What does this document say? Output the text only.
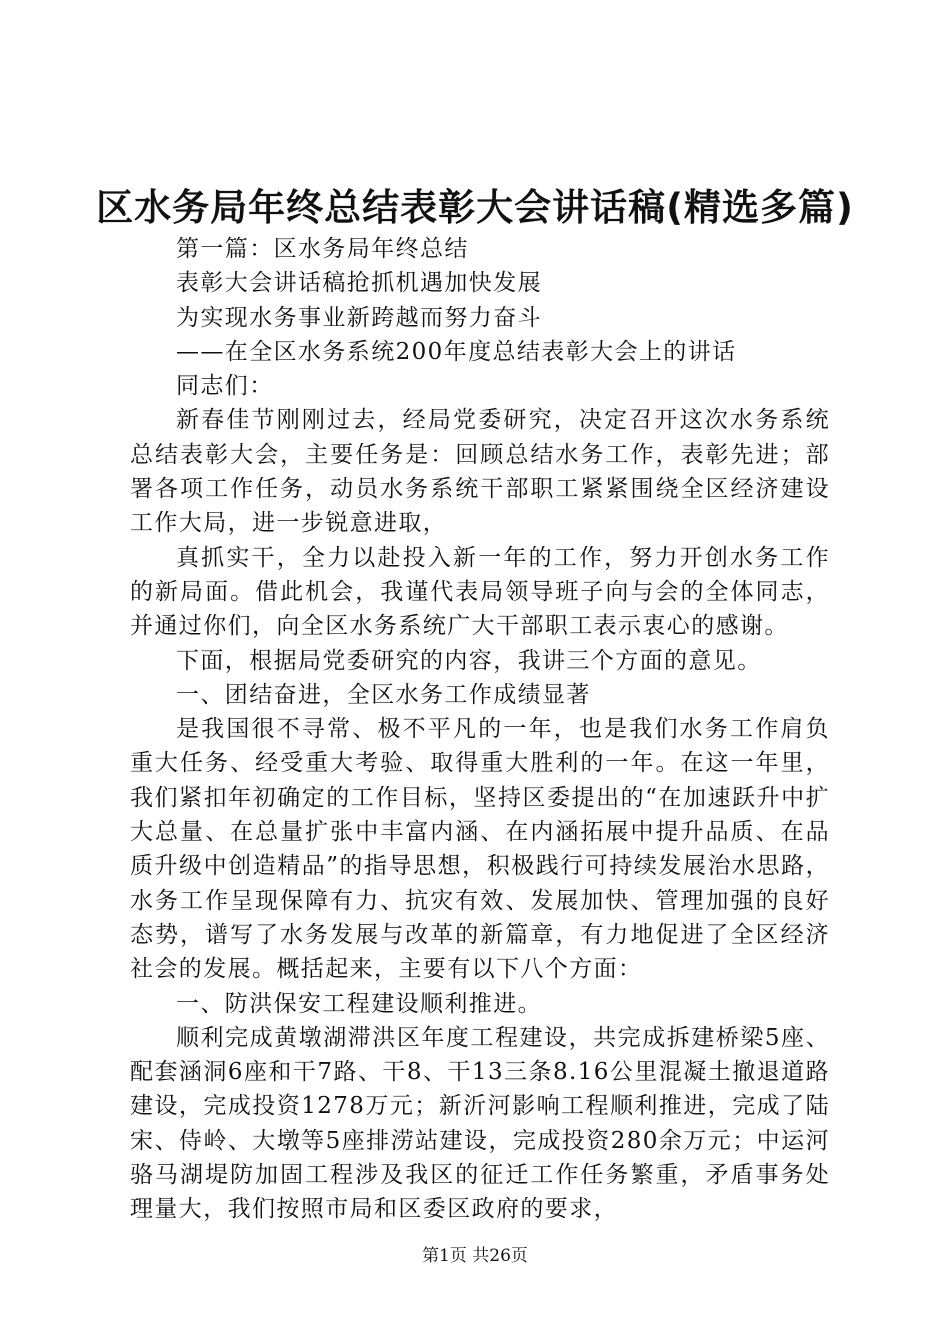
区水务局年终总结表彰大会讲话稿(精选多篇)

第一篇：区水务局年终总结

表彰大会讲话稿抢抓机遇加快发展

为实现水务事业新跨越而努力奋斗

——在全区水务系统200年度总结表彰大会上的讲话

同志们：

新春佳节刚刚过去，经局党委研究，决定召开这次水务系统总结表彰大会，主要任务是：回顾总结水务工作，表彰先进；部署各项工作任务，动员水务系统干部职工紧紧围绕全区经济建设工作大局，进一步锐意进取，

真抓实干，全力以赴投入新一年的工作，努力开创水务工作的新局面。借此机会，我谨代表局领导班子向与会的全体同志，并通过你们，向全区水务系统广大干部职工表示衷心的感谢。

下面，根据局党委研究的内容，我讲三个方面的意见。

一、团结奋进，全区水务工作成绩显著

是我国很不寻常、极不平凡的一年，也是我们水务工作肩负重大任务、经受重大考验、取得重大胜利的一年。在这一年里，我们紧扣年初确定的工作目标，坚持区委提出的“在加速跃升中扩大总量、在总量扩张中丰富内涵、在内涵拓展中提升品质、在品质升级中创造精品”的指导思想，积极践行可持续发展治水思路，水务工作呈现保障有力、抗灾有效、发展加快、管理加强的良好态势，谱写了水务发展与改革的新篇章，有力地促进了全区经济社会的发展。概括起来，主要有以下八个方面：

一、防洪保安工程建设顺利推进。

顺利完成黄墩湖滞洪区年度工程建设，共完成拆建桥梁5座、配套涵洞6座和干7路、干8、干13三条8.16公里混凝土撤退道路建设，完成投资1278万元；新沂河影响工程顺利推进，完成了陆宋、侍岭、大墩等5座排涝站建设，完成投资280余万元；中运河骆马湖堤防加固工程涉及我区的征迁工作任务繁重，矛盾事务处理量大，我们按照市局和区委区政府的要求，

第1页 共26页
